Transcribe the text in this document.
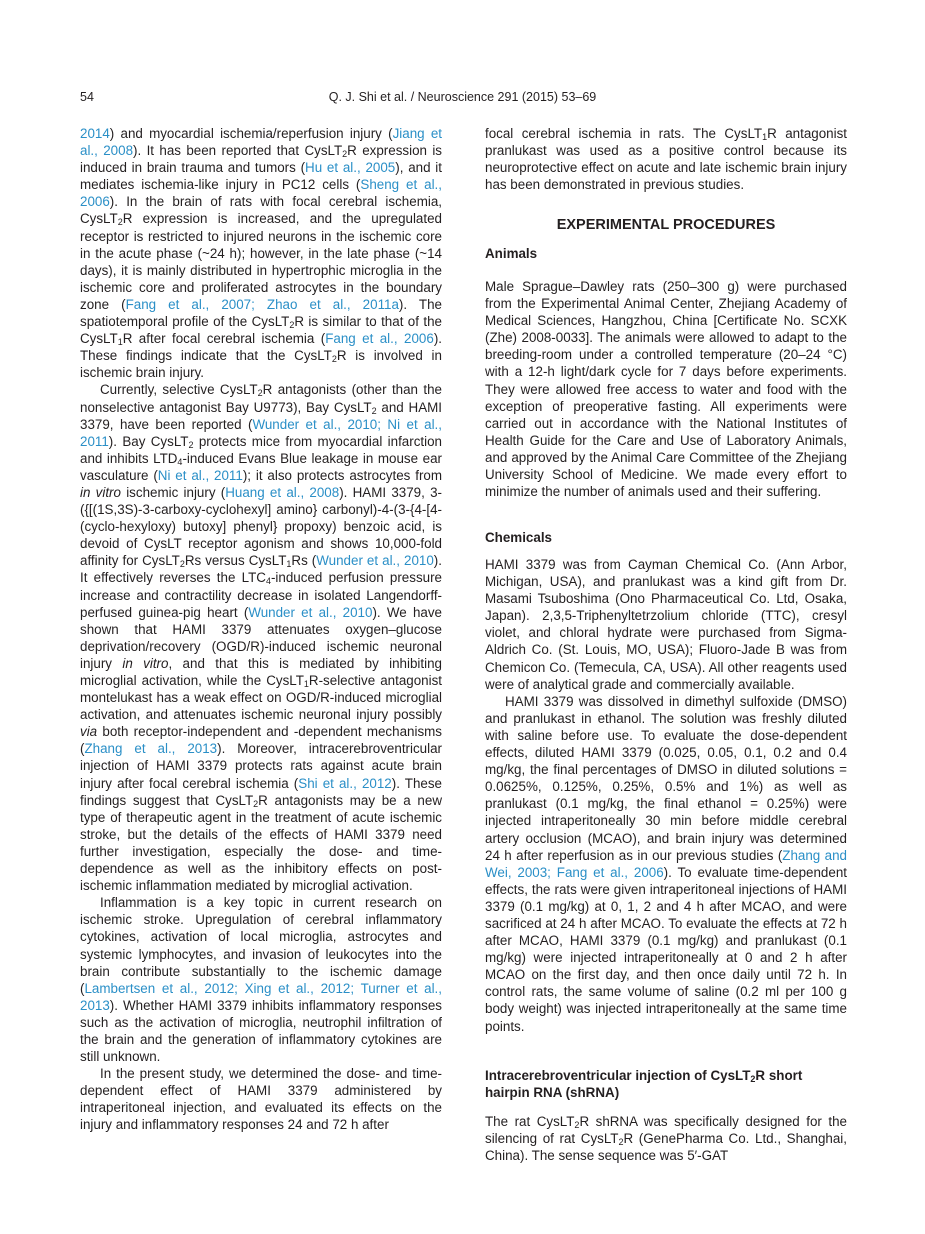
54	Q. J. Shi et al. / Neuroscience 291 (2015) 53–69

2014) and myocardial ischemia/reperfusion injury (Jiang et al., 2008). It has been reported that CysLT$_2$R expression is induced in brain trauma and tumors (Hu et al., 2005), and it mediates ischemia-like injury in PC12 cells (Sheng et al., 2006). In the brain of rats with focal cerebral ischemia, CysLT$_2$R expression is increased, and the upregulated receptor is restricted to injured neurons in the ischemic core in the acute phase (~24 h); however, in the late phase (~14 days), it is mainly distributed in hypertrophic microglia in the ischemic core and proliferated astrocytes in the boundary zone (Fang et al., 2007; Zhao et al., 2011a). The spatiotemporal profile of the CysLT$_2$R is similar to that of the CysLT$_1$R after focal cerebral ischemia (Fang et al., 2006). These findings indicate that the CysLT$_2$R is involved in ischemic brain injury.

Currently, selective CysLT$_2$R antagonists (other than the nonselective antagonist Bay U9773), Bay CysLT$_2$ and HAMI 3379, have been reported (Wunder et al., 2010; Ni et al., 2011). Bay CysLT$_2$ protects mice from myocardial infarction and inhibits $LTD_4$-induced Evans Blue leakage in mouse ear vasculature (Ni et al., 2011); it also protects astrocytes from in vitro ischemic injury (Huang et al., 2008). HAMI 3379, 3-({[(1S,3S)-3-carboxy-cyclohexyl] amino} carbonyl)-4-(3-{4-[4-(cyclo-hexyloxy) butoxy] phenyl} propoxy) benzoic acid, is devoid of CysLT receptor agonism and shows 10,000-fold affinity for CysLT$_2$Rs versus CysLT$_1$Rs (Wunder et al., 2010). It effectively reverses the $LTC_4$-induced perfusion pressure increase and contractility decrease in isolated Langendorff-perfused guinea-pig heart (Wunder et al., 2010). We have shown that HAMI 3379 attenuates oxygen–glucose deprivation/recovery (OGD/R)-induced ischemic neuronal injury in vitro, and that this is mediated by inhibiting microglial activation, while the CysLT$_1$R-selective antagonist montelukast has a weak effect on OGD/R-induced microglial activation, and attenuates ischemic neuronal injury possibly via both receptor-independent and -dependent mechanisms (Zhang et al., 2013). Moreover, intracerebroventricular injection of HAMI 3379 protects rats against acute brain injury after focal cerebral ischemia (Shi et al., 2012). These findings suggest that CysLT$_2$R antagonists may be a new type of therapeutic agent in the treatment of acute ischemic stroke, but the details of the effects of HAMI 3379 need further investigation, especially the dose- and time-dependence as well as the inhibitory effects on post-ischemic inflammation mediated by microglial activation.

Inflammation is a key topic in current research on ischemic stroke. Upregulation of cerebral inflammatory cytokines, activation of local microglia, astrocytes and systemic lymphocytes, and invasion of leukocytes into the brain contribute substantially to the ischemic damage (Lambertsen et al., 2012; Xing et al., 2012; Turner et al., 2013). Whether HAMI 3379 inhibits inflammatory responses such as the activation of microglia, neutrophil infiltration of the brain and the generation of inflammatory cytokines are still unknown.

In the present study, we determined the dose- and time-dependent effect of HAMI 3379 administered by intraperitoneal injection, and evaluated its effects on the injury and inflammatory responses 24 and 72 h after

focal cerebral ischemia in rats. The CysLT$_1$R antagonist pranlukast was used as a positive control because its neuroprotective effect on acute and late ischemic brain injury has been demonstrated in previous studies.

EXPERIMENTAL PROCEDURES
Animals

Male Sprague–Dawley rats (250–300 g) were purchased from the Experimental Animal Center, Zhejiang Academy of Medical Sciences, Hangzhou, China [Certificate No. SCXK (Zhe) 2008-0033]. The animals were allowed to adapt to the breeding-room under a controlled temperature (20–24 °C) with a 12-h light/dark cycle for 7 days before experiments. They were allowed free access to water and food with the exception of preoperative fasting. All experiments were carried out in accordance with the National Institutes of Health Guide for the Care and Use of Laboratory Animals, and approved by the Animal Care Committee of the Zhejiang University School of Medicine. We made every effort to minimize the number of animals used and their suffering.

Chemicals

HAMI 3379 was from Cayman Chemical Co. (Ann Arbor, Michigan, USA), and pranlukast was a kind gift from Dr. Masami Tsuboshima (Ono Pharmaceutical Co. Ltd, Osaka, Japan). 2,3,5-Triphenyltetrzolium chloride (TTC), cresyl violet, and chloral hydrate were purchased from Sigma-Aldrich Co. (St. Louis, MO, USA); Fluoro-Jade B was from Chemicon Co. (Temecula, CA, USA). All other reagents used were of analytical grade and commercially available.

HAMI 3379 was dissolved in dimethyl sulfoxide (DMSO) and pranlukast in ethanol. The solution was freshly diluted with saline before use. To evaluate the dose-dependent effects, diluted HAMI 3379 (0.025, 0.05, 0.1, 0.2 and 0.4 mg/kg, the final percentages of DMSO in diluted solutions = 0.0625%, 0.125%, 0.25%, 0.5% and 1%) as well as pranlukast (0.1 mg/kg, the final ethanol = 0.25%) were injected intraperitoneally 30 min before middle cerebral artery occlusion (MCAO), and brain injury was determined 24 h after reperfusion as in our previous studies (Zhang and Wei, 2003; Fang et al., 2006). To evaluate time-dependent effects, the rats were given intraperitoneal injections of HAMI 3379 (0.1 mg/kg) at 0, 1, 2 and 4 h after MCAO, and were sacrificed at 24 h after MCAO. To evaluate the effects at 72 h after MCAO, HAMI 3379 (0.1 mg/kg) and pranlukast (0.1 mg/kg) were injected intraperitoneally at 0 and 2 h after MCAO on the first day, and then once daily until 72 h. In control rats, the same volume of saline (0.2 ml per 100 g body weight) was injected intraperitoneally at the same time points.

Intracerebroventricular injection of CysLT$_2$R short hairpin RNA (shRNA)

The rat CysLT$_2$R shRNA was specifically designed for the silencing of rat CysLT$_2$R (GenePharma Co. Ltd., Shanghai, China). The sense sequence was 5′-GAT
